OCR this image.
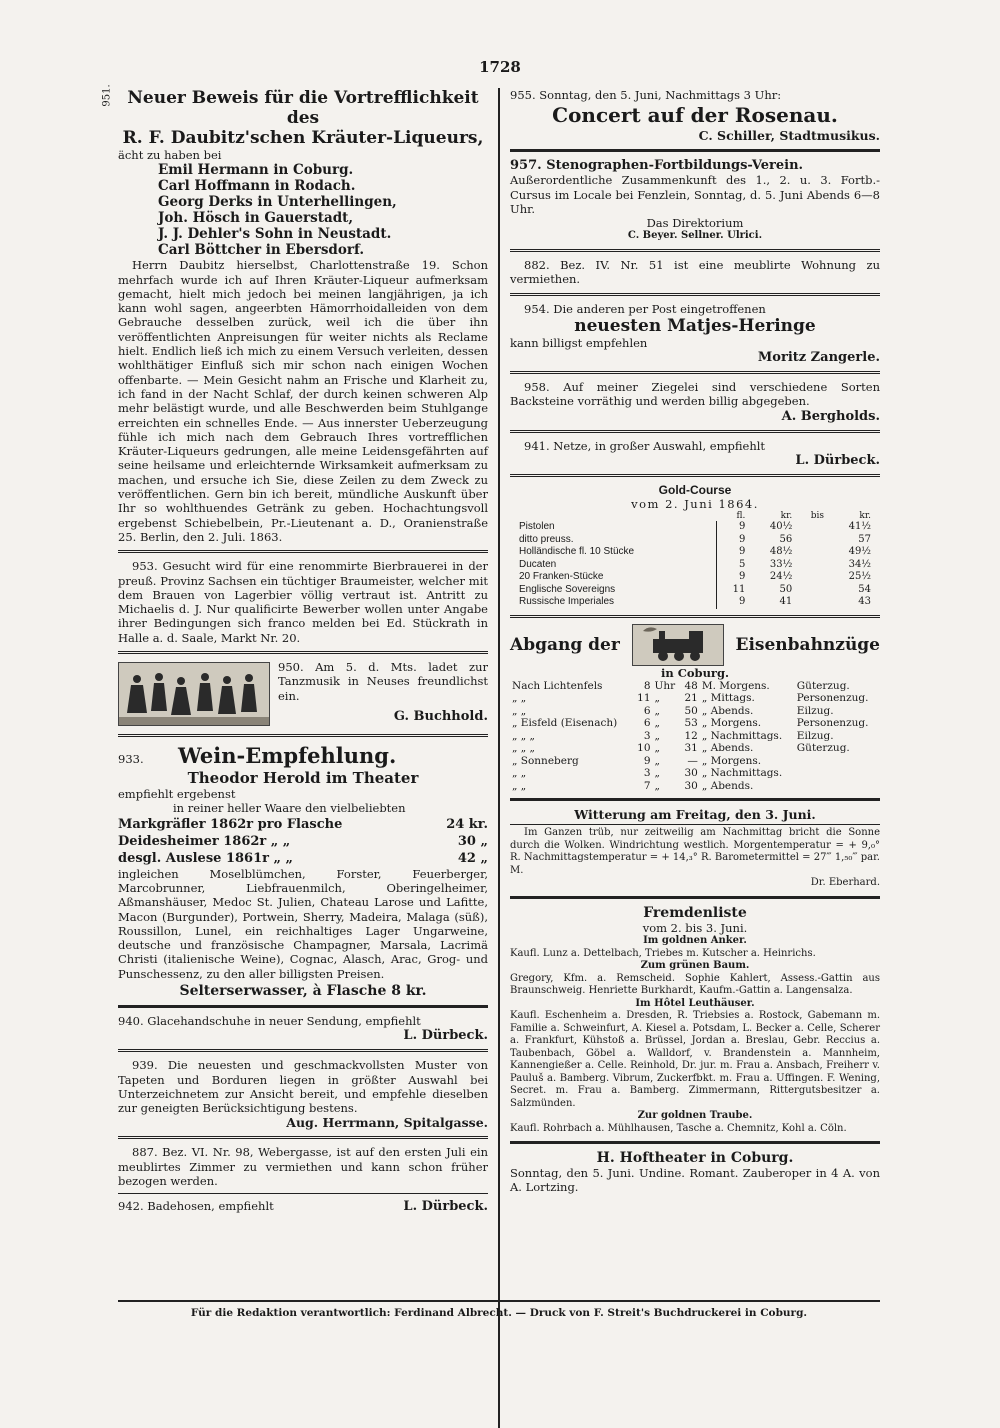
1728
951. Neuer Beweis für die Vortrefflichkeit des

R. F. Daubitz'schen Kräuter-Liqueurs,

ächt zu haben bei

Emil Hermann in Coburg.

Carl Hoffmann in Rodach.

Georg Derks in Unterhellingen,

Joh. Hösch in Gauerstadt,

J. J. Dehler's Sohn in Neustadt.

Carl Böttcher in Ebersdorf.

Herrn Daubitz hierselbst, Charlottenstraße 19. Schon mehrfach wurde ich auf Ihren Kräuter-Liqueur aufmerksam gemacht, hielt mich jedoch bei meinen langjährigen, ja ich kann wohl sagen, angeerbten Hämorrhoidalleiden von dem Gebrauche desselben zurück, weil ich die über ihn veröffentlichten Anpreisungen für weiter nichts als Reclame hielt. Endlich ließ ich mich zu einem Versuch verleiten, dessen wohlthätiger Einfluß sich mir schon nach einigen Wochen offenbarte. — Mein Gesicht nahm an Frische und Klarheit zu, ich fand in der Nacht Schlaf, der durch keinen schweren Alp mehr belästigt wurde, und alle Beschwerden beim Stuhlgange erreichten ein schnelles Ende. — Aus innerster Ueberzeugung fühle ich mich nach dem Gebrauch Ihres vortrefflichen Kräuter-Liqueurs gedrungen, alle meine Leidensgefährten auf seine heilsame und erleichternde Wirksamkeit aufmerksam zu machen, und ersuche ich Sie, diese Zeilen zu dem Zweck zu veröffentlichen. Gern bin ich bereit, mündliche Auskunft über Ihr so wohlthuendes Getränk zu geben. Hochachtungsvoll ergebenst Schiebelbein, Pr.-Lieutenant a. D., Oranienstraße 25. Berlin, den 2. Juli. 1863.

953. Gesucht wird für eine renommirte Bierbrauerei in der preuß. Provinz Sachsen ein tüchtiger Braumeister, welcher mit dem Brauen von Lagerbier völlig vertraut ist. Antritt zu Michaelis d. J. Nur qualificirte Bewerber wollen unter Angabe ihrer Bedingungen sich franco melden bei Ed. Stückrath in Halle a. d. Saale, Markt Nr. 20.

950. Am 5. d. Mts. ladet zur Tanzmusik in Neuses freundlichst ein.

G. Buchhold.

933.	Wein-Empfehlung.

Theodor Herold im Theater

empfiehlt ergebenst

in reiner heller Waare den vielbeliebten

Markgräfler 1862r pro Flasche	24 kr.
Deidesheimer 1862r „ „	30 „
desgl. Auslese 1861r „ „	42 „

ingleichen Moselblümchen, Forster, Feuerberger, Marcobrunner, Liebfrauenmilch, Oberingelheimer, Aßmanshäuser, Medoc St. Julien, Chateau Larose und Lafitte, Macon (Burgunder), Portwein, Sherry, Madeira, Malaga (süß), Roussillon, Lunel, ein reichhaltiges Lager Ungarweine, deutsche und französische Champagner, Marsala, Lacrimä Christi (italienische Weine), Cognac, Alasch, Arac, Grog- und Punschessenz, zu den aller billigsten Preisen.

Selterserwasser, à Flasche 8 kr.

940. Glacehandschuhe in neuer Sendung, empfiehlt

L. Dürbeck.

939. Die neuesten und geschmackvollsten Muster von Tapeten und Borduren liegen in größter Auswahl bei Unterzeichnetem zur Ansicht bereit, und empfehle dieselben zur geneigten Berücksichtigung bestens.

Aug. Herrmann, Spitalgasse.

887. Bez. VI. Nr. 98, Webergasse, ist auf den ersten Juli ein meublirtes Zimmer zu vermiethen und kann schon früher bezogen werden.

942. Badehosen, empfiehlt	L. Dürbeck.

955. Sonntag, den 5. Juni, Nachmittags 3 Uhr:

Concert auf der Rosenau.

C. Schiller, Stadtmusikus.

957. Stenographen-Fortbildungs-Verein.

Außerordentliche Zusammenkunft des 1., 2. u. 3. Fortb.-Cursus im Locale bei Fenzlein, Sonntag, d. 5. Juni Abends 6—8 Uhr.

Das Direktorium

C. Beyer. Sellner. Ulrici.

882. Bez. IV. Nr. 51 ist eine meublirte Wohnung zu vermiethen.

954. Die anderen per Post eingetroffenen

neuesten Matjes-Heringe

kann billigst empfehlen

Moritz Zangerle.

958. Auf meiner Ziegelei sind verschiedene Sorten Backsteine vorräthig und werden billig abgegeben.

A. Bergholds.

941. Netze, in großer Auswahl, empfiehlt

L. Dürbeck.

Gold-Course

vom 2. Juni 1864.

	fl.	kr.	bis	kr.
Pistolen	9	40½		41½
ditto preuss.	9	56		57
Holländische fl. 10 Stücke	9	48½		49½
Ducaten	5	33½		34½
20 Franken-Stücke	9	24½		25½
Englische Sovereigns	11	50		54
Russische Imperiales	9	41		43
Abgang der	Eisenbahnzüge

in Coburg.

Nach Lichtenfels	8	Uhr	48	M. Morgens.	Güterzug.
„ „	11	„	21	„ Mittags.	Personenzug.
„ „	6	„	50	„ Abends.	Eilzug.
„ Eisfeld (Eisenach)	6	„	53	„ Morgens.	Personenzug.
„ „ „	3	„	12	„ Nachmittags.	Eilzug.
„ „ „	10	„	31	„ Abends.	Güterzug.
„ Sonneberg	9	„	—	„ Morgens.	
„ „	3	„	30	„ Nachmittags.	
„ „	7	„	30	„ Abends.	

Witterung am Freitag, den 3. Juni.

Im Ganzen trüb, nur zeitweilig am Nachmittag bricht die Sonne durch die Wolken. Windrichtung westlich. Morgentemperatur = + 9,₀° R. Nachmittagstemperatur = + 14,₃° R. Barometermittel = 27‴ 1,₅₀‴ par. M.

Dr. Eberhard.

Fremdenliste

vom 2. bis 3. Juni.

Im goldnen Anker.

Kaufl. Lunz a. Dettelbach, Triebes m. Kutscher a. Heinrichs.

Zum grünen Baum.

Gregory, Kfm. a. Remscheid. Sophie Kahlert, Assess.-Gattin aus Braunschweig. Henriette Burkhardt, Kaufm.-Gattin a. Langensalza.

Im Hôtel Leuthäuser.

Kaufl. Eschenheim a. Dresden, R. Triebsies a. Rostock, Gabemann m. Familie a. Schweinfurt, A. Kiesel a. Potsdam, L. Becker a. Celle, Scherer a. Frankfurt, Kühstoß a. Brüssel, Jordan a. Breslau, Gebr. Reccius a. Taubenbach, Göbel a. Walldorf, v. Brandenstein a. Mannheim, Kannengießer a. Celle. Reinhold, Dr. jur. m. Frau a. Ansbach, Freiherr v. Pauluš a. Bamberg. Vibrum, Zuckerfbkt. m. Frau a. Uffingen. F. Wening, Secret. m. Frau a. Bamberg. Zimmermann, Rittergutsbesitzer a. Salzmünden.

Zur goldnen Traube.

Kaufl. Rohrbach a. Mühlhausen, Tasche a. Chemnitz, Kohl a. Cöln.

H. Hoftheater in Coburg.

Sonntag, den 5. Juni. Undine. Romant. Zauberoper in 4 A. von A. Lortzing.

Für die Redaktion verantwortlich: Ferdinand Albrecht. — Druck von F. Streit's Buchdruckerei in Coburg.
